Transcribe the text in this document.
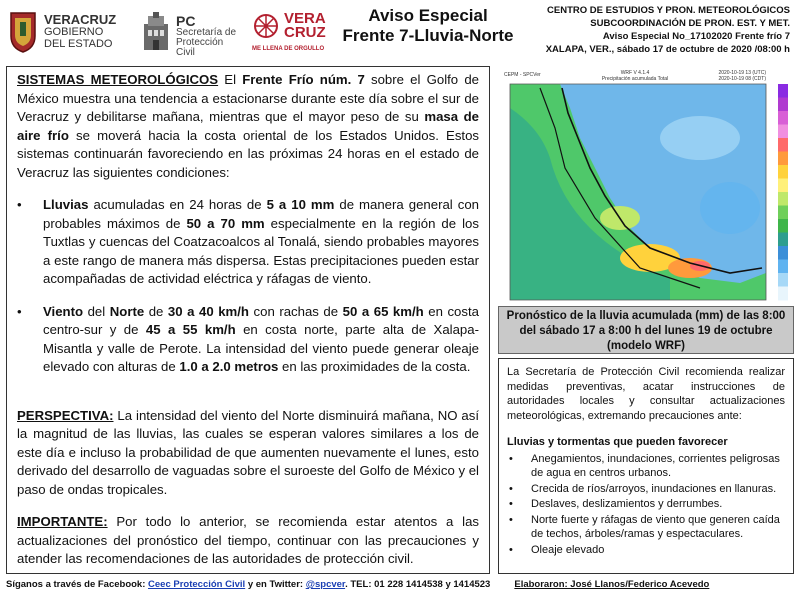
VERACRUZ
GOBIERNO
DEL ESTADO
PC
Secretaría de
Protección Civil
VERA
CRUZ
ME LLENA DE ORGULLO
Aviso Especial
Frente 7-Lluvia-Norte
CENTRO DE ESTUDIOS Y PRON. METEOROLÓGICOS
SUBCOORDINACIÓN DE PRON. EST. Y MET.
Aviso Especial No_17102020 Frente frío 7
XALAPA, VER., sábado 17 de octubre de 2020 /08:00 h

SISTEMAS METEOROLÓGICOS El Frente Frío núm. 7 sobre el Golfo de México muestra una tendencia a estacionarse durante este día sobre el sur de Veracruz y debilitarse mañana, mientras que el mayor peso de su masa de aire frío se moverá hacia la costa oriental de los Estados Unidos. Estos sistemas continuarán favoreciendo en las próximas 24 horas en el estado de Veracruz las siguientes condiciones:

•	Lluvias acumuladas en 24 horas de 5 a 10 mm de manera general con probables máximos de 50 a 70 mm especialmente en la región de los Tuxtlas y cuencas del Coatzacoalcos al Tonalá, siendo probables mayores a este rango de manera más dispersa. Estas precipitaciones pueden estar acompañadas de actividad eléctrica y ráfagas de viento.

•	Viento del Norte de 30 a 40 km/h con rachas de 50 a 65 km/h en costa centro-sur y de 45 a 55 km/h en costa norte, parte alta de Xalapa-Misantla y valle de Perote. La intensidad del viento puede generar oleaje elevado con alturas de 1.0 a 2.0 metros en las proximidades de la costa.

PERSPECTIVA: La intensidad del viento del Norte disminuirá mañana, NO así la magnitud de las lluvias, las cuales se esperan valores similares a los de este día e incluso la probabilidad de que aumenten nuevamente el lunes, esto derivado del desarrollo de vaguadas sobre el suroeste del Golfo de México y el paso de ondas tropicales.

IMPORTANTE: Por todo lo anterior, se recomienda estar atentos a las actualizaciones del pronóstico del tiempo, continuar con las precauciones y atender las recomendaciones de las autoridades de protección civil.

CEPM - SPCVer	WRF V 4.1.4
Precipitación acumulada Total
2020-10-19 13 (UTC)
2020-10-19 08 (CDT)
Pronóstico de la lluvia acumulada (mm) de las 8:00
del sábado 17 a 8:00 h del lunes 19 de octubre
(modelo WRF)

La Secretaría de Protección Civil recomienda realizar medidas preventivas, acatar instrucciones de autoridades locales y consultar actualizaciones meteorológicas, extremando precauciones ante:

Lluvias y tormentas que pueden favorecer

•	Anegamientos, inundaciones, corrientes peligrosas de agua en centros urbanos.
•	Crecida de ríos/arroyos, inundaciones en llanuras.
•	Deslaves, deslizamientos y derrumbes.
•	Norte fuerte y ráfagas de viento que generen caída de techos, árboles/ramas y espectaculares.
•	Oleaje elevado
Síganos a través de Facebook: Ceec Protección Civil y en Twitter: @spcver. TEL: 01 228 1414538 y 1414523	Elaboraron: José Llanos/Federico Acevedo
